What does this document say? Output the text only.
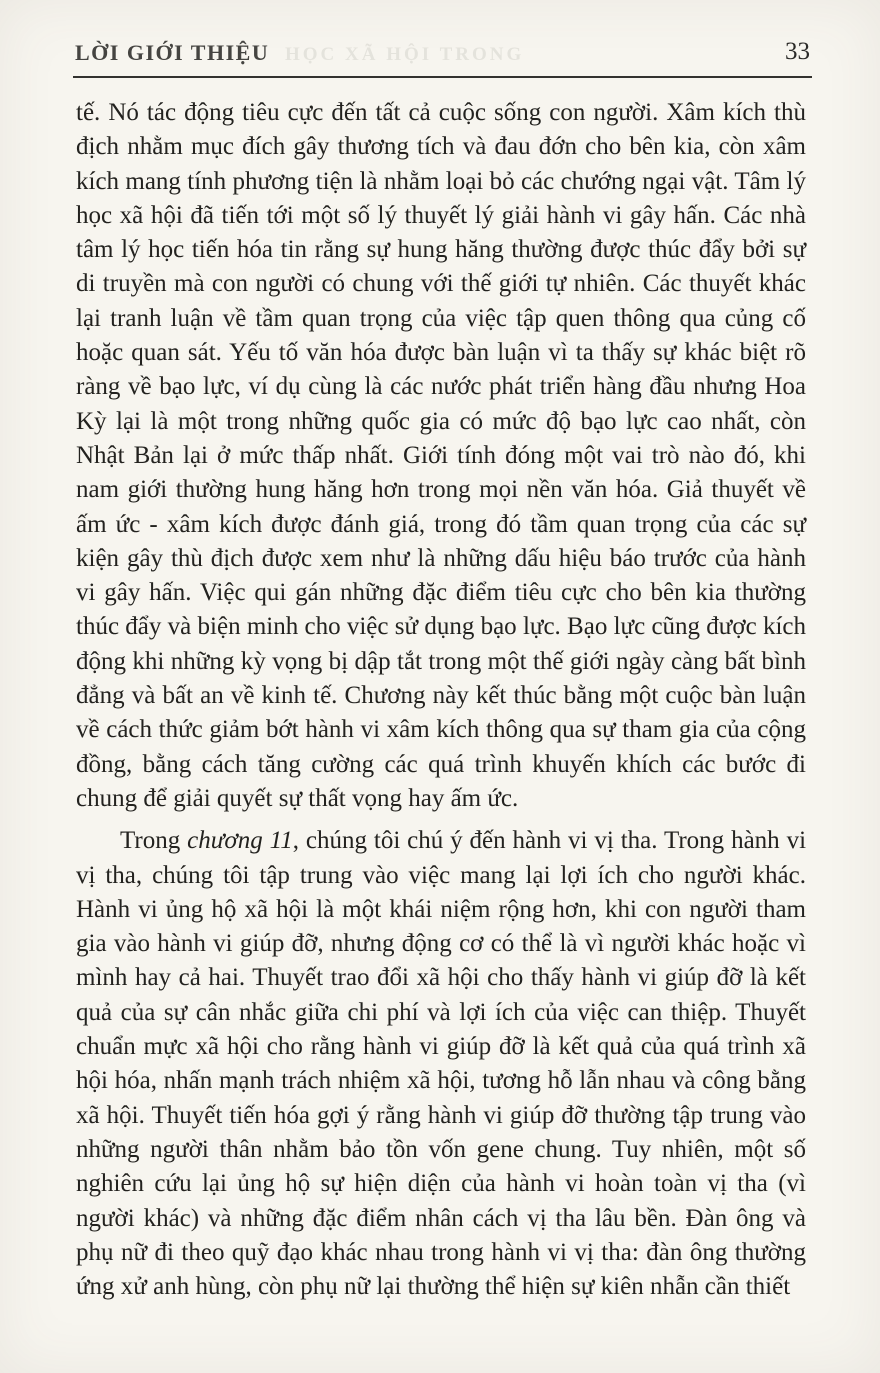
LỜI GIỚI THIỆU HỌC XÃ HỘI TRONG	33

tế. Nó tác động tiêu cực đến tất cả cuộc sống con người. Xâm kích thù địch nhằm mục đích gây thương tích và đau đớn cho bên kia, còn xâm kích mang tính phương tiện là nhằm loại bỏ các chướng ngại vật. Tâm lý học xã hội đã tiến tới một số lý thuyết lý giải hành vi gây hấn. Các nhà tâm lý học tiến hóa tin rằng sự hung hăng thường được thúc đẩy bởi sự di truyền mà con người có chung với thế giới tự nhiên. Các thuyết khác lại tranh luận về tầm quan trọng của việc tập quen thông qua củng cố hoặc quan sát. Yếu tố văn hóa được bàn luận vì ta thấy sự khác biệt rõ ràng về bạo lực, ví dụ cùng là các nước phát triển hàng đầu nhưng Hoa Kỳ lại là một trong những quốc gia có mức độ bạo lực cao nhất, còn Nhật Bản lại ở mức thấp nhất. Giới tính đóng một vai trò nào đó, khi nam giới thường hung hăng hơn trong mọi nền văn hóa. Giả thuyết về ấm ức - xâm kích được đánh giá, trong đó tầm quan trọng của các sự kiện gây thù địch được xem như là những dấu hiệu báo trước của hành vi gây hấn. Việc qui gán những đặc điểm tiêu cực cho bên kia thường thúc đẩy và biện minh cho việc sử dụng bạo lực. Bạo lực cũng được kích động khi những kỳ vọng bị dập tắt trong một thế giới ngày càng bất bình đẳng và bất an về kinh tế. Chương này kết thúc bằng một cuộc bàn luận về cách thức giảm bớt hành vi xâm kích thông qua sự tham gia của cộng đồng, bằng cách tăng cường các quá trình khuyến khích các bước đi chung để giải quyết sự thất vọng hay ấm ức.

Trong chương 11, chúng tôi chú ý đến hành vi vị tha. Trong hành vi vị tha, chúng tôi tập trung vào việc mang lại lợi ích cho người khác. Hành vi ủng hộ xã hội là một khái niệm rộng hơn, khi con người tham gia vào hành vi giúp đỡ, nhưng động cơ có thể là vì người khác hoặc vì mình hay cả hai. Thuyết trao đổi xã hội cho thấy hành vi giúp đỡ là kết quả của sự cân nhắc giữa chi phí và lợi ích của việc can thiệp. Thuyết chuẩn mực xã hội cho rằng hành vi giúp đỡ là kết quả của quá trình xã hội hóa, nhấn mạnh trách nhiệm xã hội, tương hỗ lẫn nhau và công bằng xã hội. Thuyết tiến hóa gợi ý rằng hành vi giúp đỡ thường tập trung vào những người thân nhằm bảo tồn vốn gene chung. Tuy nhiên, một số nghiên cứu lại ủng hộ sự hiện diện của hành vi hoàn toàn vị tha (vì người khác) và những đặc điểm nhân cách vị tha lâu bền. Đàn ông và phụ nữ đi theo quỹ đạo khác nhau trong hành vi vị tha: đàn ông thường ứng xử anh hùng, còn phụ nữ lại thường thể hiện sự kiên nhẫn cần thiết
